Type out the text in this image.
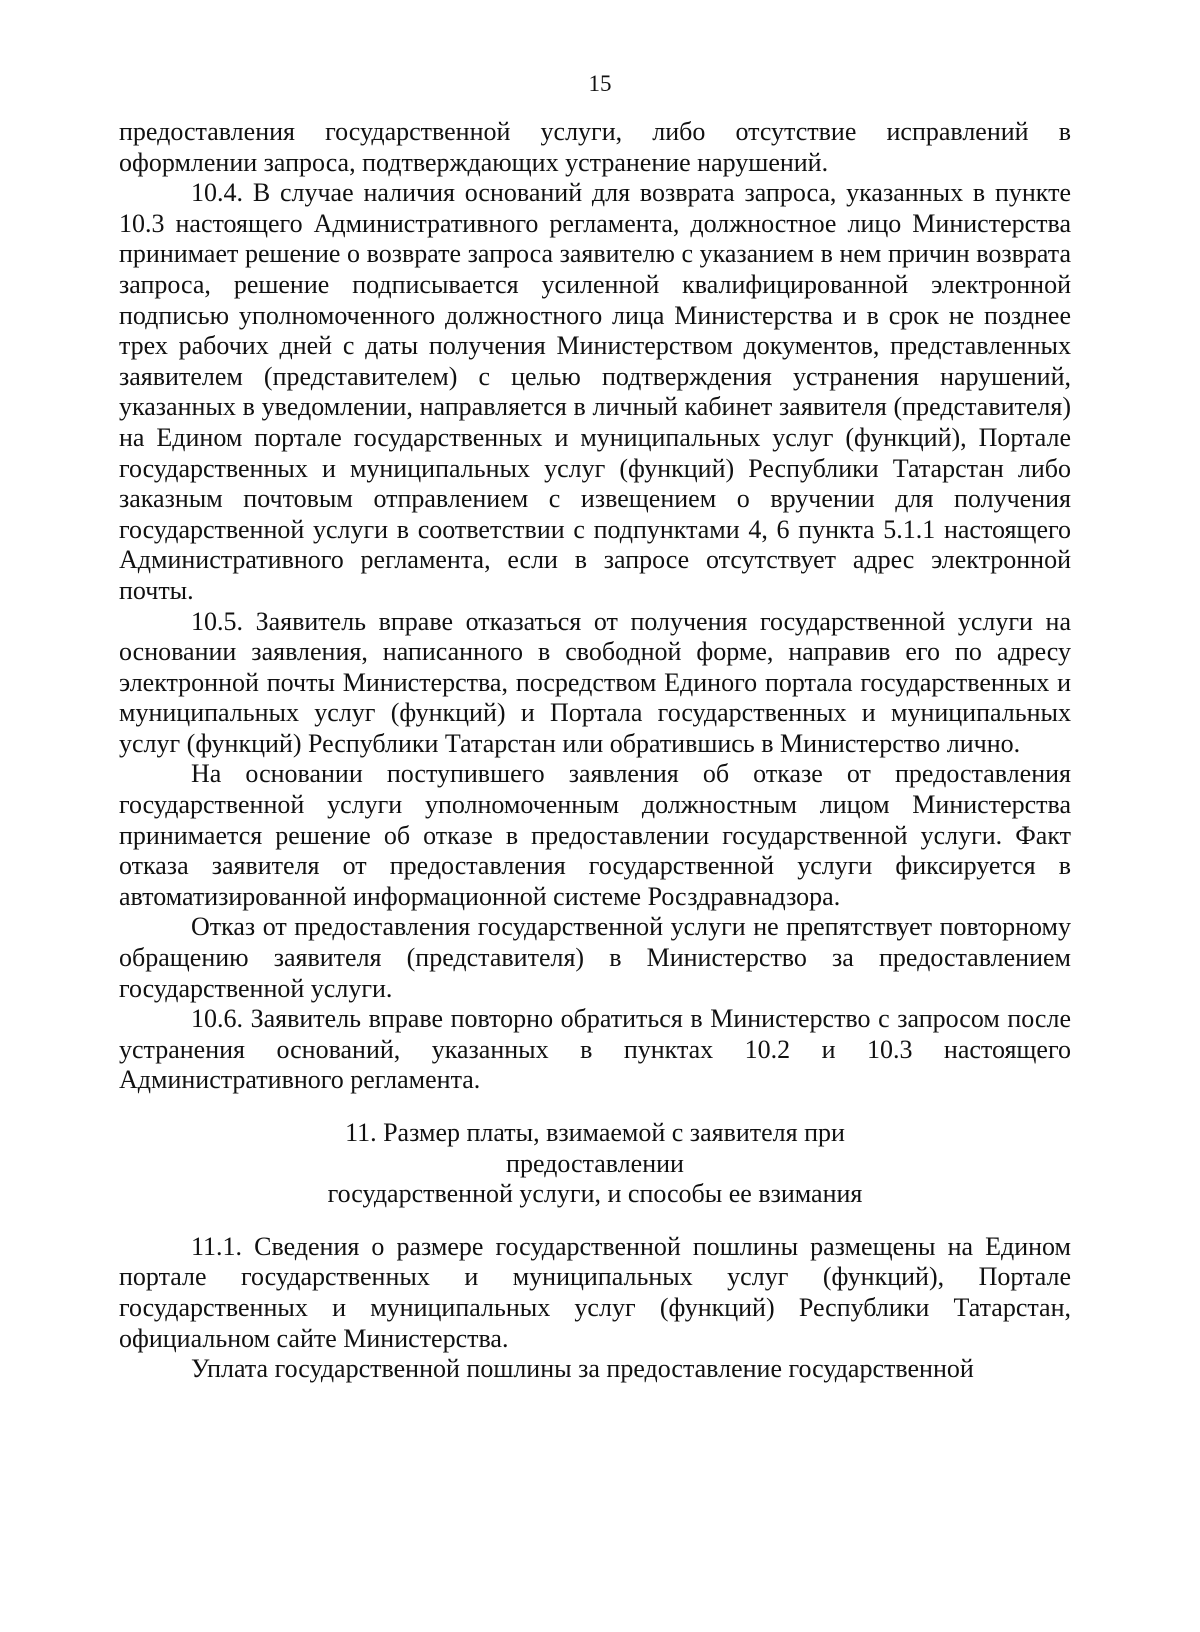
15

предоставления государственной услуги, либо отсутствие исправлений в оформлении запроса, подтверждающих устранение нарушений.

10.4. В случае наличия оснований для возврата запроса, указанных в пункте 10.3 настоящего Административного регламента, должностное лицо Министерства принимает решение о возврате запроса заявителю с указанием в нем причин возврата запроса, решение подписывается усиленной квалифицированной электронной подписью уполномоченного должностного лица Министерства и в срок не позднее трех рабочих дней с даты получения Министерством документов, представленных заявителем (представителем) с целью подтверждения устранения нарушений, указанных в уведомлении, направляется в личный кабинет заявителя (представителя) на Едином портале государственных и муниципальных услуг (функций), Портале государственных и муниципальных услуг (функций) Республики Татарстан либо заказным почтовым отправлением с извещением о вручении для получения государственной услуги в соответствии с подпунктами 4, 6 пункта 5.1.1 настоящего Административного регламента, если в запросе отсутствует адрес электронной почты.

10.5. Заявитель вправе отказаться от получения государственной услуги на основании заявления, написанного в свободной форме, направив его по адресу электронной почты Министерства, посредством Единого портала государственных и муниципальных услуг (функций) и Портала государственных и муниципальных услуг (функций) Республики Татарстан или обратившись в Министерство лично.

На основании поступившего заявления об отказе от предоставления государственной услуги уполномоченным должностным лицом Министерства принимается решение об отказе в предоставлении государственной услуги. Факт отказа заявителя от предоставления государственной услуги фиксируется в автоматизированной информационной системе Росздравнадзора.

Отказ от предоставления государственной услуги не препятствует повторному обращению заявителя (представителя) в Министерство за предоставлением государственной услуги.

10.6. Заявитель вправе повторно обратиться в Министерство с запросом после устранения оснований, указанных в пунктах 10.2 и 10.3 настоящего Административного регламента.

11. Размер платы, взимаемой с заявителя при предоставлении
государственной услуги, и способы ее взимания

11.1. Сведения о размере государственной пошлины размещены на Едином портале государственных и муниципальных услуг (функций), Портале государственных и муниципальных услуг (функций) Республики Татарстан, официальном сайте Министерства.

Уплата государственной пошлины за предоставление государственной
